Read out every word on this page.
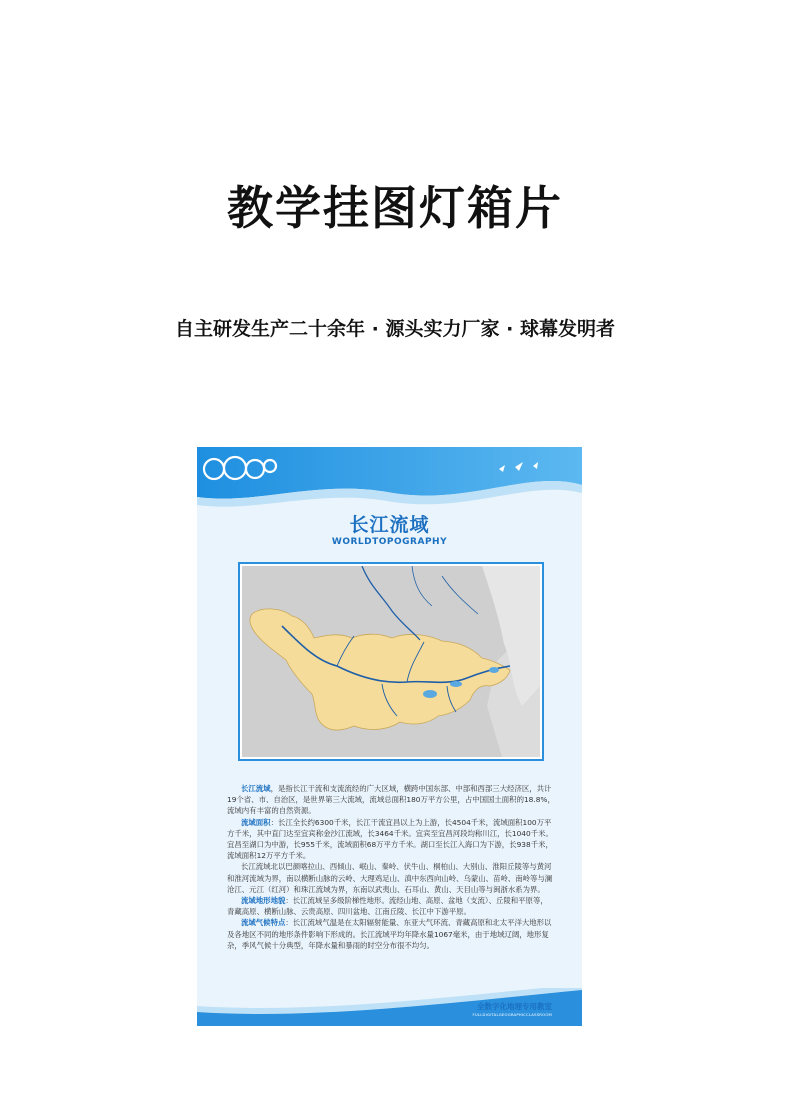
教学挂图灯箱片
自主研发生产二十余年 · 源头实力厂家 · 球幕发明者
长江流域
WORLDTOPOGRAPHY

长江流域，是指长江干流和支流流经的广大区域，横跨中国东部、中部和西部三大经济区，共计19个省、市、自治区，是世界第三大流域，流域总面积180万平方公里，占中国国土面积的18.8%，流域内有丰富的自然资源。

流域面积：长江全长约6300千米，长江干流宜昌以上为上游，长4504千米，流域面积100万平方千米，其中直门达至宜宾称金沙江流域，长3464千米。宜宾至宜昌河段均称川江，长1040千米。宜昌至湖口为中游，长955千米，流域面积68万平方千米。湖口至长江入海口为下游，长938千米，流域面积12万平方千米。

长江流域北以巴颜喀拉山、西倾山、岷山、秦岭、伏牛山、桐柏山、大别山、淮阳丘陵等与黄河和淮河流域为界，南以横断山脉的云岭、大理鸡足山、滇中东西向山岭、乌蒙山、苗岭、南岭等与澜沧江、元江（红河）和珠江流域为界，东南以武夷山、石耳山、黄山、天目山等与闽浙水系为界。

流域地形地貌：长江流域呈多级阶梯性地形。流经山地、高原、盆地（支流）、丘陵和平原等，青藏高原、横断山脉、云贵高原、四川盆地、江南丘陵、长江中下游平原。

流域气候特点：长江流域气温是在太阳辐射能量、东亚大气环流、青藏高原和北太平洋大地形以及各地区不同的地形条件影响下形成的。长江流域平均年降水量1067毫米，由于地域辽阔，地形复杂，季风气候十分典型，年降水量和暴雨的时空分布很不均匀。

全数字化地理专用教室
FULLDIGITALGEOGRAPHICCLASSROOM
